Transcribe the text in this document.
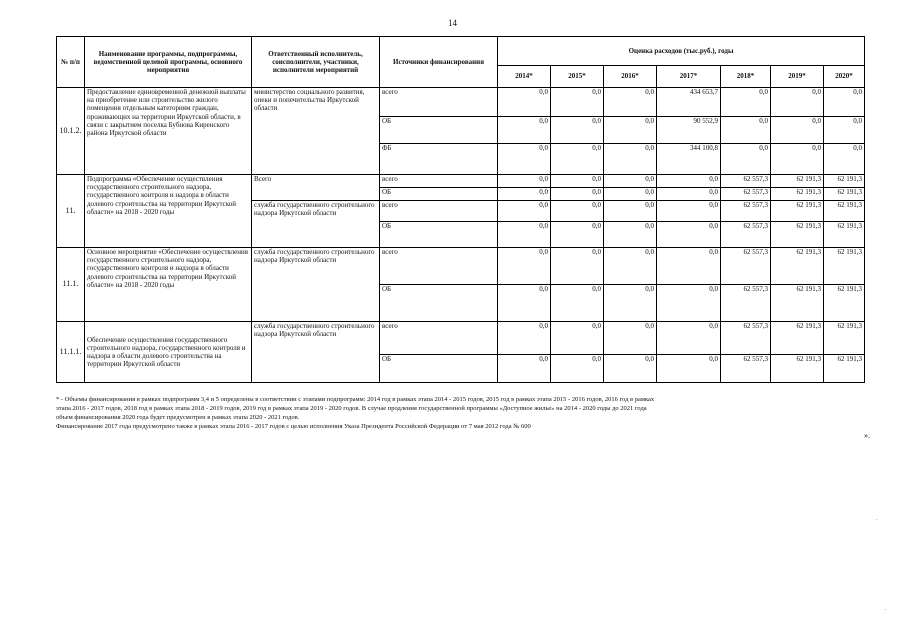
14
№ п/п	Наименование программы, подпрограммы, ведомственной целевой программы, основного мероприятия	Ответственный исполнитель, соисполнители, участники, исполнители мероприятий	Источники финансирования	Оценка расходов (тыс.руб.), годы						
				2014*	2015*	2016*	2017*	2018*	2019*	2020*
10.1.2.	Предоставление единовременной денежной выплаты на приобретение или строительство жилого помещения отдельным категориям граждан, проживающих на территории Иркутской области, в связи с закрытием поселка Бубнова Киренского района Иркутской области	министерство социального развития, опеки и попечительства Иркутской области	всего	0,0	0,0	0,0	434 653,7	0,0	0,0	0,0
			ОБ	0,0	0,0	0,0	90 552,9	0,0	0,0	0,0
			ФБ	0,0	0,0	0,0	344 100,8	0,0	0,0	0,0
11.	Подпрограмма «Обеспечение осуществления государственного строительного надзора, государственного контроля и надзора в области долевого строительства на территории Иркутской области» на 2018 - 2020 годы	Всего	всего	0,0	0,0	0,0	0,0	62 557,3	62 191,3	62 191,3
			ОБ	0,0	0,0	0,0	0,0	62 557,3	62 191,3	62 191,3
		служба государственного строительного надзора Иркутской области	всего	0,0	0,0	0,0	0,0	62 557,3	62 191,3	62 191,3
			ОБ	0,0	0,0	0,0	0,0	62 557,3	62 191,3	62 191,3
11.1.	Основное мероприятие «Обеспечение осуществления государственного строительного надзора, государственного контроля и надзора в области долевого строительства на территории Иркутской области» на 2018 - 2020 годы	служба государственного строительного надзора Иркутской области	всего	0,0	0,0	0,0	0,0	62 557,3	62 191,3	62 191,3
			ОБ	0,0	0,0	0,0	0,0	62 557,3	62 191,3	62 191,3
11.1.1.	Обеспечение осуществления государственного строительного надзора, государственного контроля и надзора в области долевого строительства на территории Иркутской области	служба государственного строительного надзора Иркутской области	всего	0,0	0,0	0,0	0,0	62 557,3	62 191,3	62 191,3
			ОБ	0,0	0,0	0,0	0,0	62 557,3	62 191,3	62 191,3
* - Объемы финансирования в рамках подпрограмм 3,4 и 5 определены в соответствии с этапами подпрограмм: 2014 год в рамках этапа 2014 - 2015 годов, 2015 год в рамках этапа 2015 - 2016 годов, 2016 год в рамках
этапа 2016 - 2017 годов, 2018 год в рамках этапа 2018 - 2019 годов, 2019 год в рамках этапа 2019 - 2020 годов. В случае продления государственной программы «Доступное жилье» на 2014 - 2020 годы до 2021 года
объем финансирования 2020 года будет предусмотрен в рамках этапа 2020 - 2021 годов.
Финансирование 2017 года предусмотрено также в рамках этапа 2016 - 2017 годов с целью исполнения Указа Президента Российской Федерации от 7 мая 2012 года № 600
».
.
.
